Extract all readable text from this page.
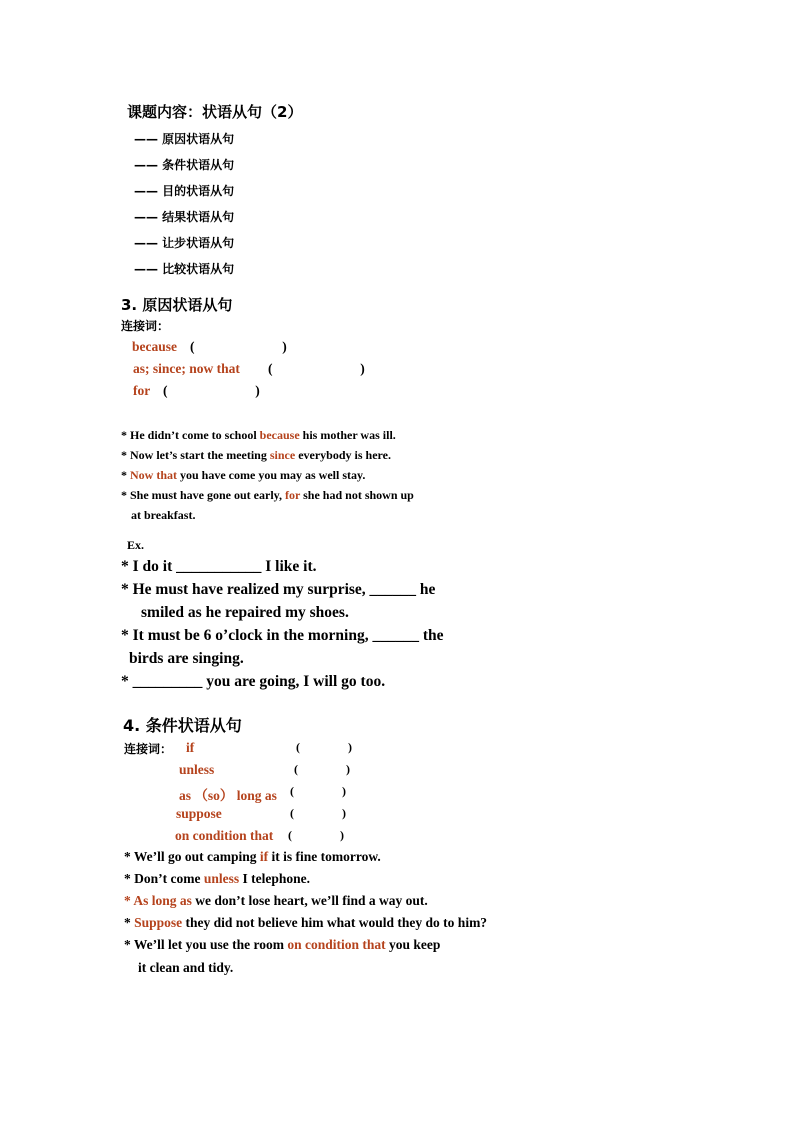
课题内容：状语从句（2）
—— 原因状语从句
—— 条件状语从句
—— 目的状语从句
—— 结果状语从句
—— 让步状语从句
—— 比较状语从句
3. 原因状语从句
连接词：
because (                          )
as; since; now that (                          )
for (                          )
* He didn’t come to school because his mother was ill.
* Now let’s start the meeting since everybody is here.
* Now that you have come you may as well stay.
* She must have gone out early, for she had not shown up
at breakfast.
Ex.
* I do it ___________ I like it.
* He must have realized my surprise, ______ he
smiled as he repaired my shoes.
* It must be 6 o’clock in the morning, ______ the
birds are singing.
* _________ you are going, I will go too.
4. 条件状语从句
连接词： if	(                )
unless	(                )
as （so） long as (                )
suppose	(                )
on condition that (                )
* We’ll go out camping if it is fine tomorrow.
* Don’t come unless I telephone.
* As long as we don’t lose heart, we’ll find a way out.
* Suppose they did not believe him what would they do to him?
* We’ll let you use the room on condition that you keep
it clean and tidy.
